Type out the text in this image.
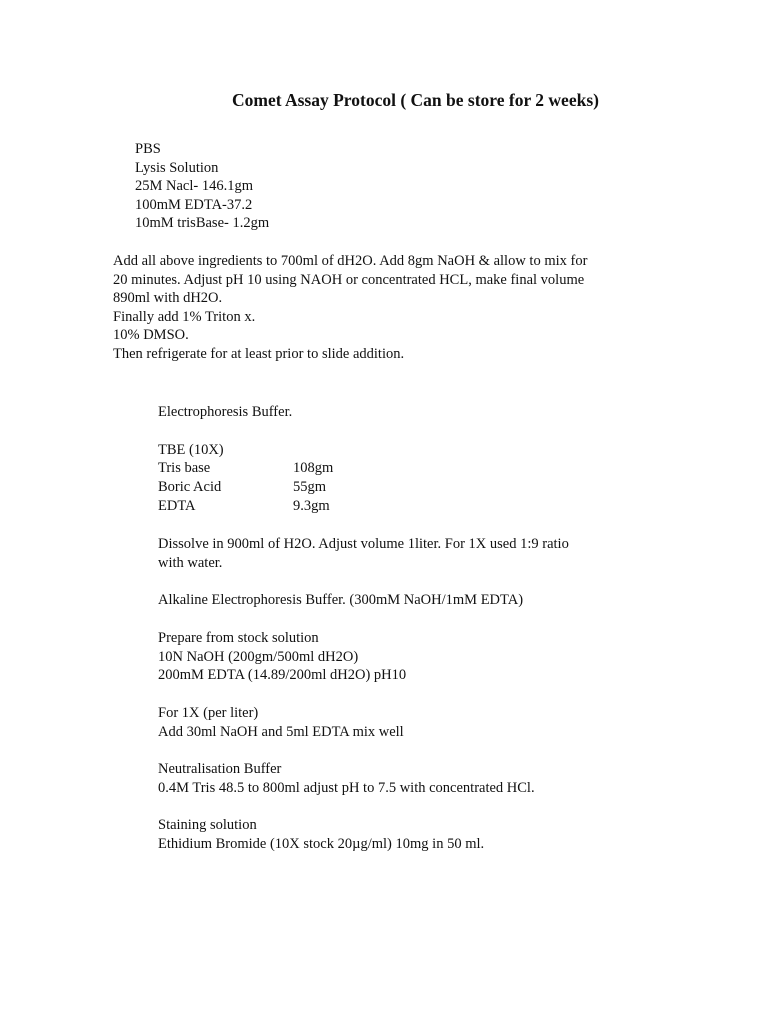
Comet Assay Protocol ( Can be store for 2 weeks)
PBS
Lysis Solution
25M Nacl- 146.1gm
100mM EDTA-37.2
10mM trisBase- 1.2gm
Add all above ingredients to 700ml of dH2O. Add 8gm NaOH & allow to mix for
20 minutes. Adjust pH 10 using NAOH or concentrated HCL, make final volume
890ml with dH2O.
Finally add 1% Triton x.
10% DMSO.
Then refrigerate for at least prior to slide addition.
Electrophoresis Buffer.
TBE (10X)
Tris base	108gm
Boric Acid	55gm
EDTA	9.3gm
Dissolve in 900ml of H2O. Adjust volume 1liter. For 1X used 1:9 ratio
with water.
Alkaline Electrophoresis Buffer. (300mM NaOH/1mM EDTA)
Prepare from stock solution
10N NaOH (200gm/500ml dH2O)
200mM EDTA (14.89/200ml dH2O) pH10
For 1X (per liter)
Add 30ml NaOH and 5ml EDTA mix well
Neutralisation Buffer
0.4M Tris 48.5 to 800ml adjust pH to 7.5 with concentrated HCl.
Staining solution
Ethidium Bromide (10X stock 20µg/ml) 10mg in 50 ml.
